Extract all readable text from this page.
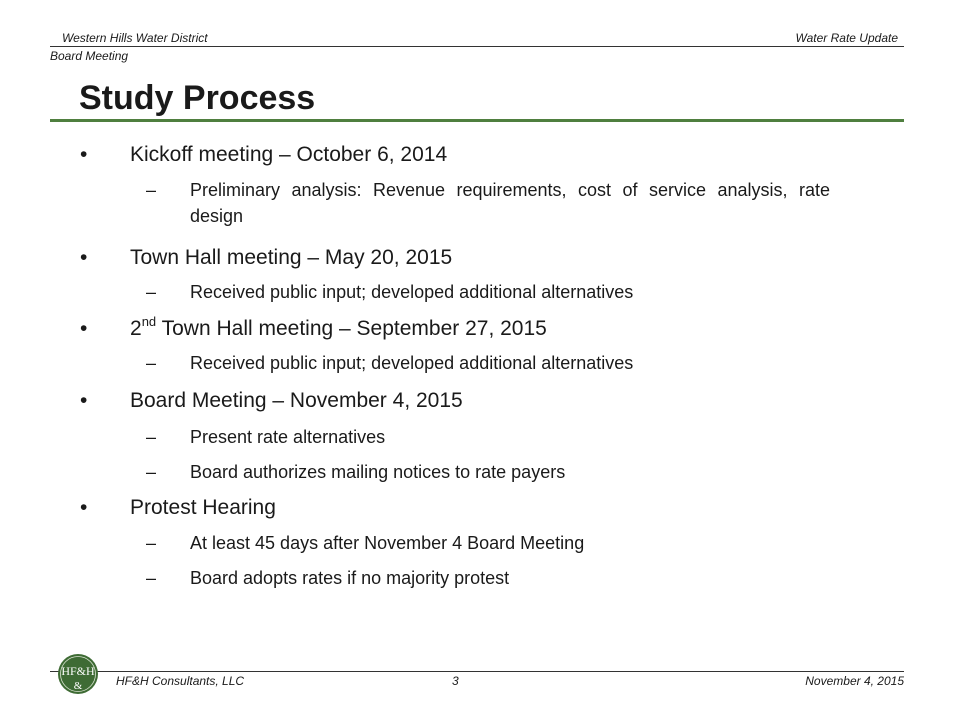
Western Hills Water District	Water Rate Update
Board Meeting
Study Process
• Kickoff meeting – October 6, 2014
– Preliminary analysis: Revenue requirements, cost of service analysis, rate design
• Town Hall meeting – May 20, 2015
– Received public input; developed additional alternatives
• 2nd Town Hall meeting – September 27, 2015
– Received public input; developed additional alternatives
• Board Meeting – November 4, 2015
– Present rate alternatives
– Board authorizes mailing notices to rate payers
• Protest Hearing
– At least 45 days after November 4 Board Meeting
– Board adopts rates if no majority protest
HF&H
&	HF&H Consultants, LLC	3	November 4, 2015
